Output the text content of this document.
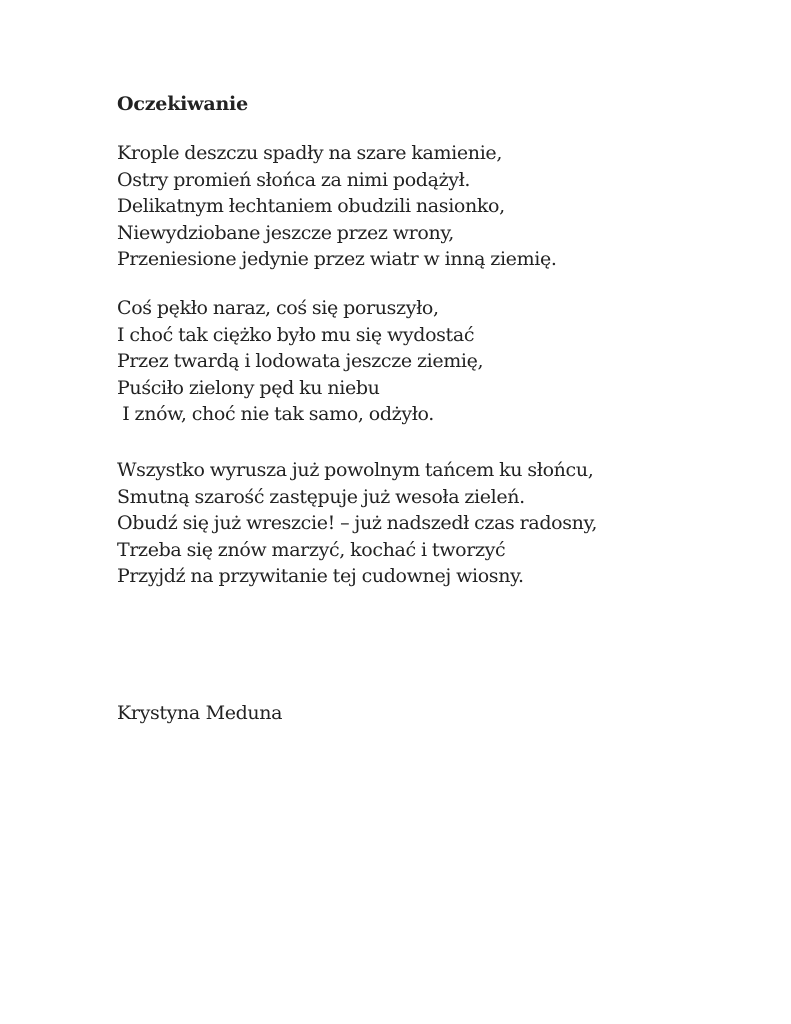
Oczekiwanie
Krople deszczu spadły na szare kamienie,
Ostry promień słońca za nimi podążył.
Delikatnym łechtaniem obudzili nasionko,
Niewydziobane jeszcze przez wrony,
Przeniesione jedynie przez wiatr w inną ziemię.
Coś pękło naraz, coś się poruszyło,
I choć tak ciężko było mu się wydostać
Przez twardą i lodowata jeszcze ziemię,
Puściło zielony pęd ku niebu
I znów, choć nie tak samo, odżyło.
Wszystko wyrusza już powolnym tańcem ku słońcu,
Smutną szarość zastępuje już wesoła zieleń.
Obudź się już wreszcie! – już nadszedł czas radosny,
Trzeba się znów marzyć, kochać i tworzyć
Przyjdź na przywitanie tej cudownej wiosny.

Krystyna Meduna
